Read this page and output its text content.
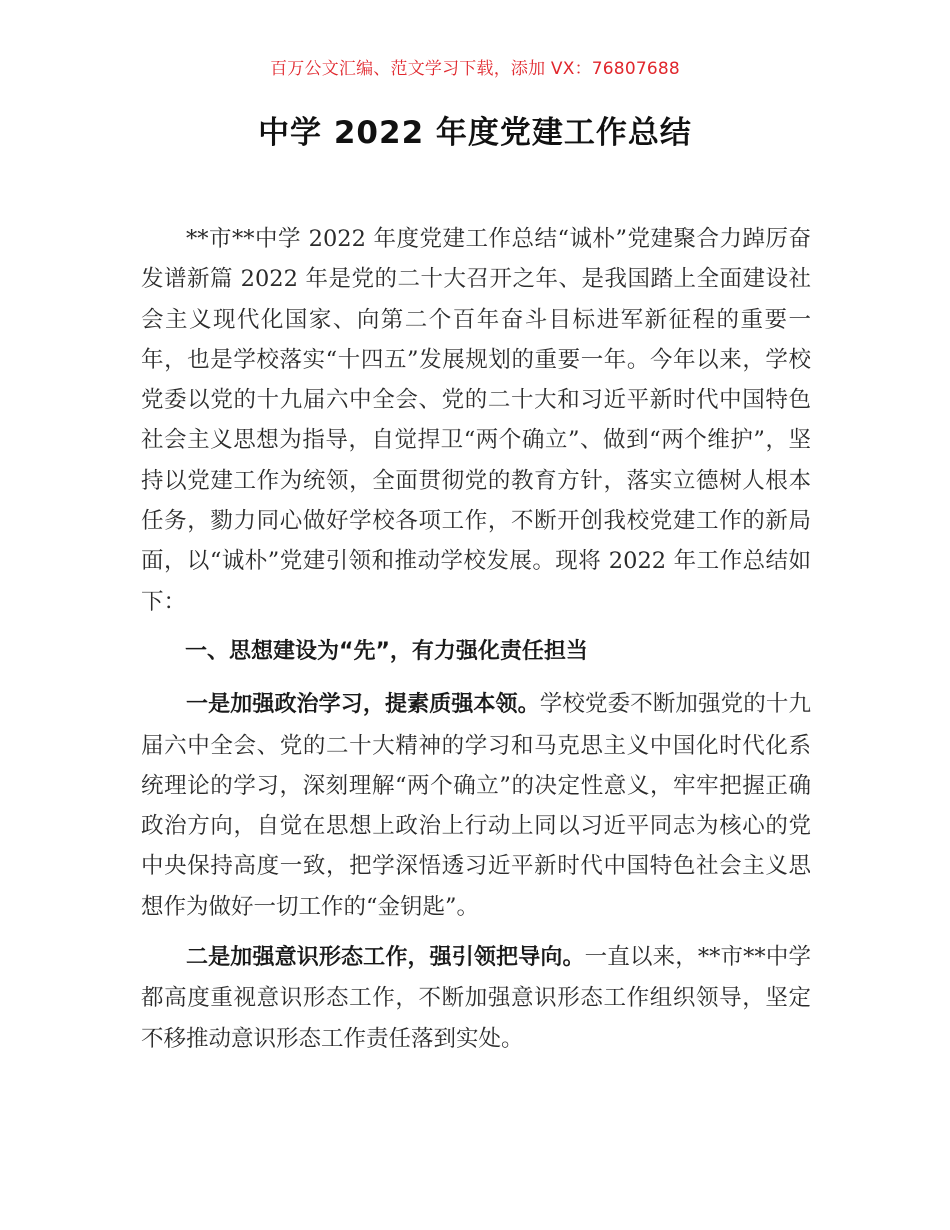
百万公文汇编、范文学习下载，添加 VX：76807688
中学 2022 年度党建工作总结

**市**中学 2022 年度党建工作总结“诚朴”党建聚合力踔厉奋发谱新篇 2022 年是党的二十大召开之年、是我国踏上全面建设社会主义现代化国家、向第二个百年奋斗目标进军新征程的重要一年，也是学校落实“十四五”发展规划的重要一年。今年以来，学校党委以党的十九届六中全会、党的二十大和习近平新时代中国特色社会主义思想为指导，自觉捍卫“两个确立”、做到“两个维护”，坚持以党建工作为统领，全面贯彻党的教育方针，落实立德树人根本任务，勠力同心做好学校各项工作，不断开创我校党建工作的新局面，以“诚朴”党建引领和推动学校发展。现将 2022 年工作总结如下：

一、思想建设为“先”，有力强化责任担当

一是加强政治学习，提素质强本领。学校党委不断加强党的十九届六中全会、党的二十大精神的学习和马克思主义中国化时代化系统理论的学习，深刻理解“两个确立”的决定性意义，牢牢把握正确政治方向，自觉在思想上政治上行动上同以习近平同志为核心的党中央保持高度一致，把学深悟透习近平新时代中国特色社会主义思想作为做好一切工作的“金钥匙”。

二是加强意识形态工作，强引领把导向。一直以来，**市**中学都高度重视意识形态工作，不断加强意识形态工作组织领导，坚定不移推动意识形态工作责任落到实处。
